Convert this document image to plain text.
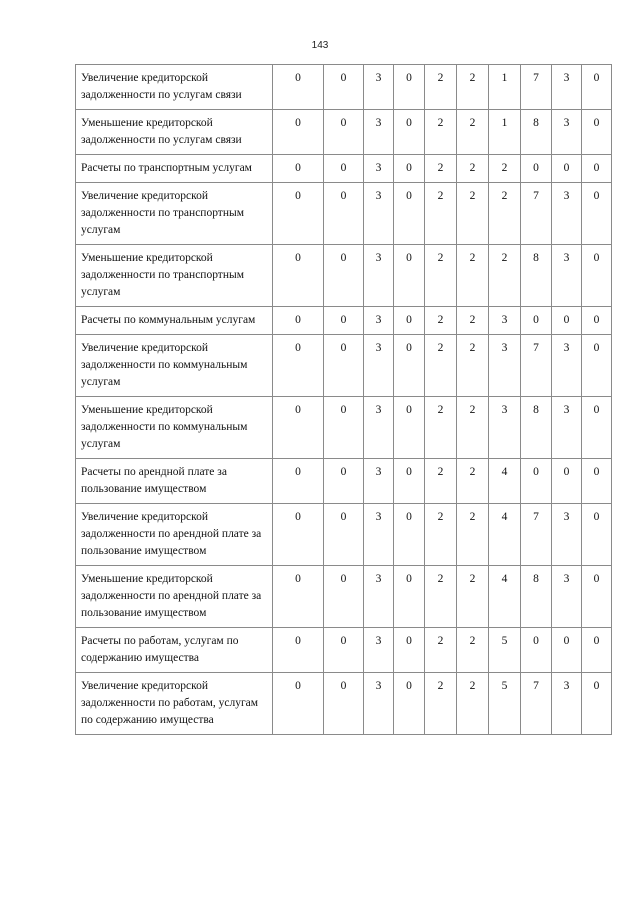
143
Увеличение кредиторской задолженности по услугам связи	0	0	3	0	2	2	1	7	3	0
Уменьшение кредиторской задолженности по услугам связи	0	0	3	0	2	2	1	8	3	0
Расчеты по транспортным услугам	0	0	3	0	2	2	2	0	0	0
Увеличение кредиторской задолженности по транспортным услугам	0	0	3	0	2	2	2	7	3	0
Уменьшение кредиторской задолженности по транспортным услугам	0	0	3	0	2	2	2	8	3	0
Расчеты по коммунальным услугам	0	0	3	0	2	2	3	0	0	0
Увеличение кредиторской задолженности по коммунальным услугам	0	0	3	0	2	2	3	7	3	0
Уменьшение кредиторской задолженности по коммунальным услугам	0	0	3	0	2	2	3	8	3	0
Расчеты по арендной плате за пользование имуществом	0	0	3	0	2	2	4	0	0	0
Увеличение кредиторской задолженности по арендной плате за пользование имуществом	0	0	3	0	2	2	4	7	3	0
Уменьшение кредиторской задолженности по арендной плате за пользование имуществом	0	0	3	0	2	2	4	8	3	0
Расчеты по работам, услугам по содержанию имущества	0	0	3	0	2	2	5	0	0	0
Увеличение кредиторской задолженности по работам, услугам по содержанию имущества	0	0	3	0	2	2	5	7	3	0
